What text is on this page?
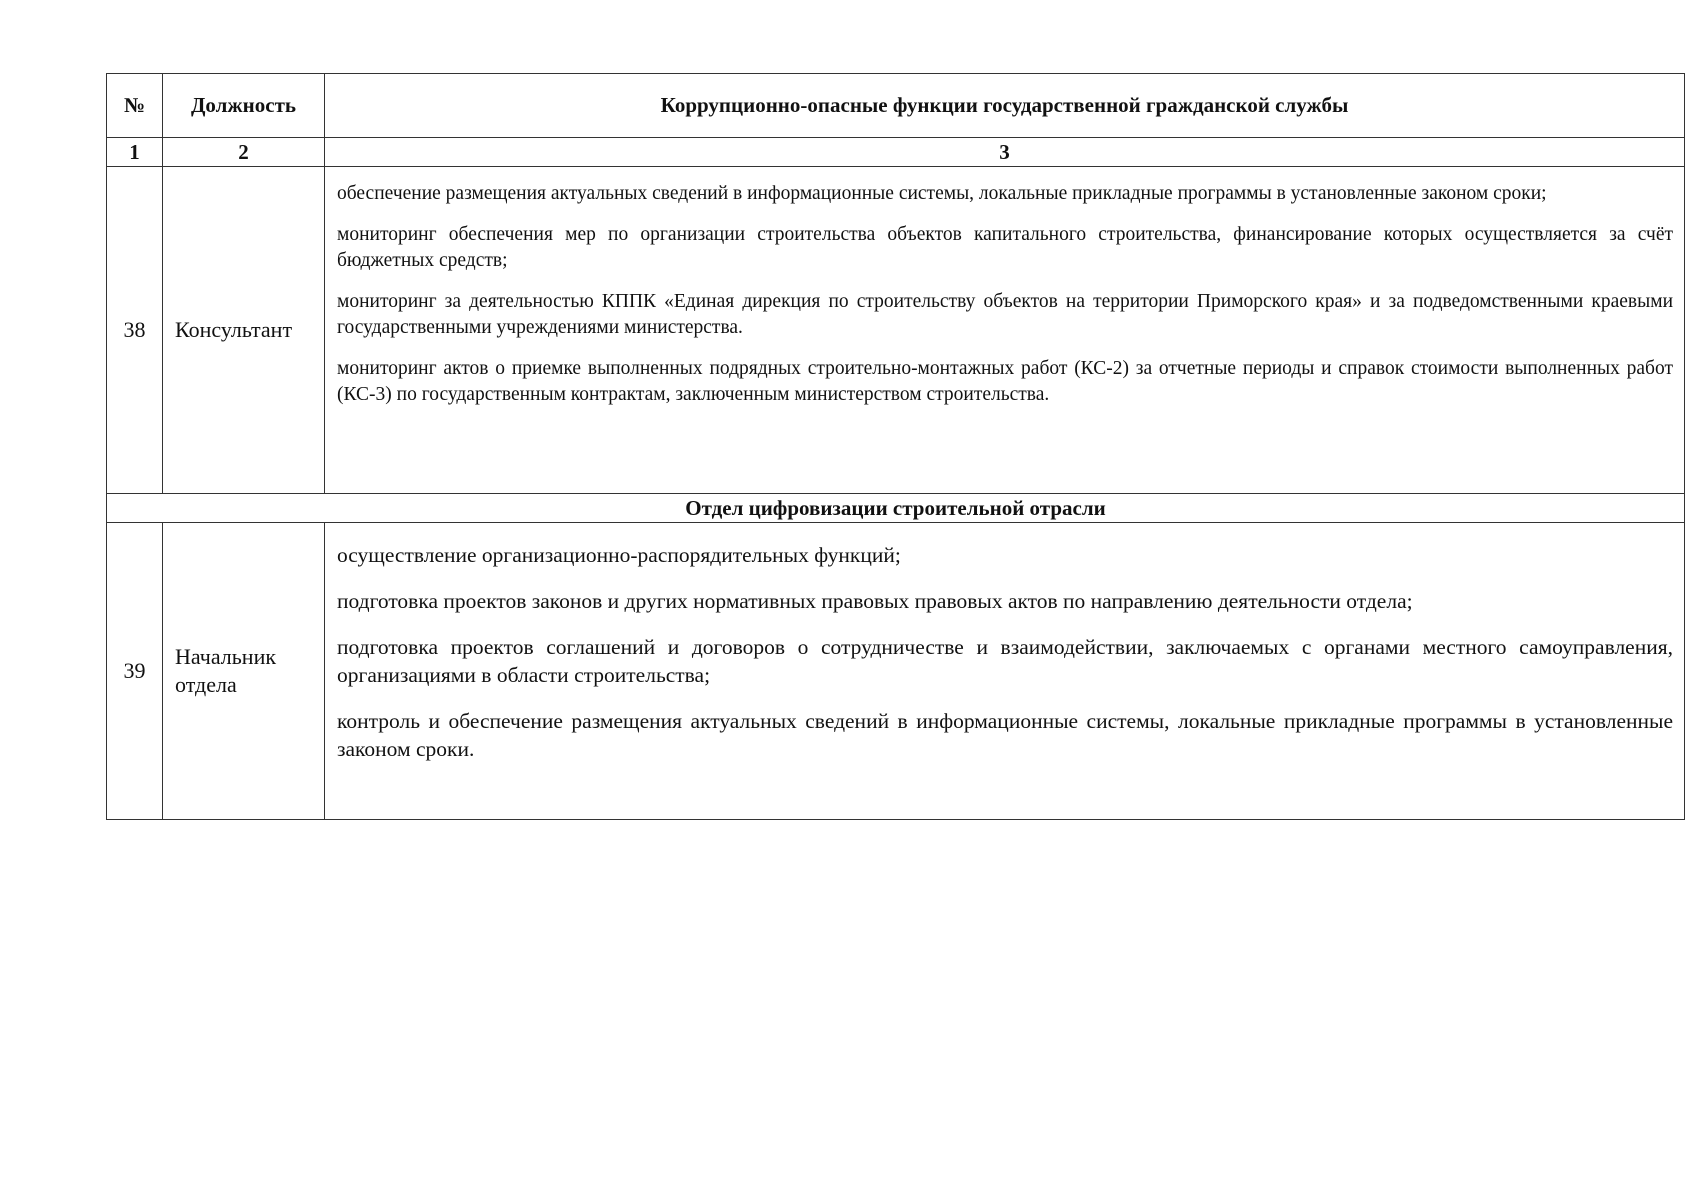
№	Должность	Коррупционно-опасные функции государственной гражданской службы
1	2	3
38	Консультант	обеспечение размещения актуальных сведений в информационные системы, локальные прикладные программы в установленные законом сроки;
мониторинг обеспечения мер по организации строительства объектов капитального строительства, финансирование которых осуществляется за счёт бюджетных средств;
мониторинг за деятельностью КППК «Единая дирекция по строительству объектов на территории Приморского края» и за подведомственными краевыми государственными учреждениями министерства.
мониторинг актов о приемке выполненных подрядных строительно-монтажных работ (КС-2) за отчетные периоды и справок стоимости выполненных работ (КС-3) по государственным контрактам, заключенным министерством строительства.

Отдел цифровизации строительной отрасли		
39	Начальник отдела	осуществление организационно-распорядительных функций;
подготовка проектов законов и других нормативных правовых правовых актов по направлению деятельности отдела;
подготовка проектов соглашений и договоров о сотрудничестве и взаимодействии, заключаемых с органами местного самоуправления, организациями в области строительства;
контроль и обеспечение размещения актуальных сведений в информационные системы, локальные прикладные программы в установленные законом сроки.
